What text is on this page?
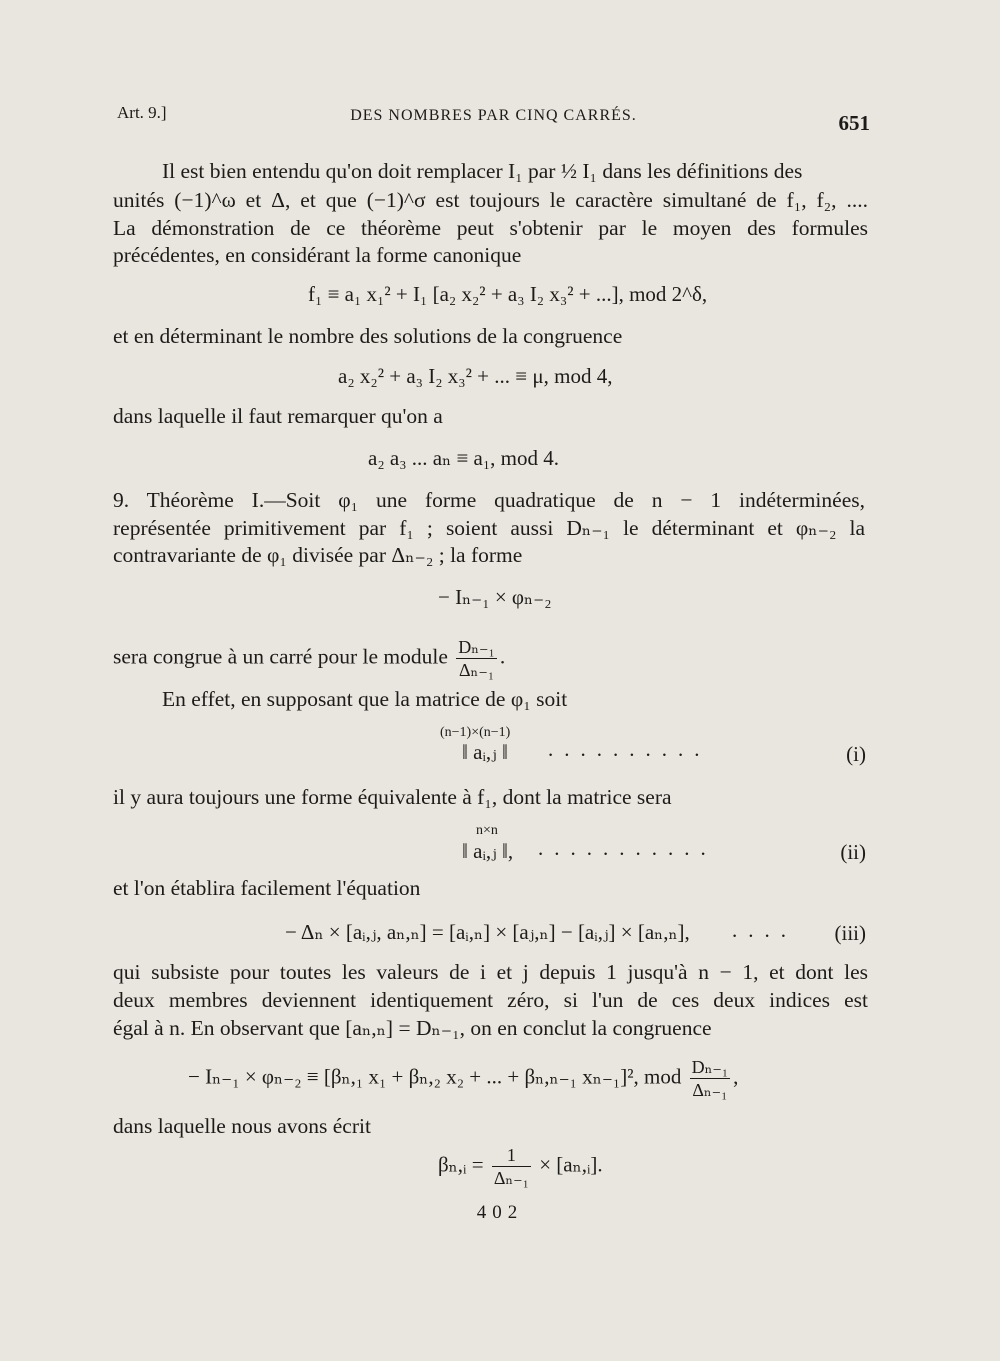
Art. 9.]	DES NOMBRES PAR CINQ CARRÉS.	651
Il est bien entendu qu'on doit remplacer I₁ par ½ I₁ dans les définitions des
unités (−1)^ω et Δ, et que (−1)^σ est toujours le caractère simultané de f₁, f₂, ....
La démonstration de ce théorème peut s'obtenir par le moyen des formules
précédentes, en considérant la forme canonique
f₁ ≡ a₁ x₁² + I₁ [a₂ x₂² + a₃ I₂ x₃² + ...], mod 2^δ,
et en déterminant le nombre des solutions de la congruence
a₂ x₂² + a₃ I₂ x₃² + ... ≡ μ, mod 4,
dans laquelle il faut remarquer qu'on a
a₂ a₃ ... aₙ ≡ a₁, mod 4.
9. Théorème I.—Soit φ₁ une forme quadratique de n − 1 indéterminées,
représentée primitivement par f₁ ; soient aussi Dₙ₋₁ le déterminant et φₙ₋₂ la
contravariante de φ₁ divisée par Δₙ₋₂ ; la forme
− Iₙ₋₁ × φₙ₋₂
sera congrue à un carré pour le module $\frac{\text{Dₙ₋₁}}{\text{Δₙ₋₁}}$ .
En effet, en supposant que la matrice de φ₁ soit
(n−1)×(n−1)
‖ aᵢ,ⱼ ‖ ..........	(i)
il y aura toujours une forme équivalente à f₁, dont la matrice sera
n×n
‖ aᵢ,ⱼ ‖, ...........	(ii)
et l'on établira facilement l'équation
− Δₙ × [aᵢ,ⱼ, aₙ,ₙ] = [aᵢ,ₙ] × [aⱼ,ₙ] − [aᵢ,ⱼ] × [aₙ,ₙ], .... (iii)
qui subsiste pour toutes les valeurs de i et j depuis 1 jusqu'à n − 1, et dont les
deux membres deviennent identiquement zéro, si l'un de ces deux indices est
égal à n. En observant que [aₙ,ₙ] = Dₙ₋₁, on en conclut la congruence
− Iₙ₋₁ × φₙ₋₂ ≡ [βₙ,₁ x₁ + βₙ,₂ x₂ + ... + βₙ,ₙ₋₁ xₙ₋₁]², mod $\frac{\text{Dₙ₋₁}}{\text{Δₙ₋₁}}$ ,
dans laquelle nous avons écrit
βₙ,ᵢ = $\frac{1}{\text{Δₙ₋₁}}$ × [aₙ,ᵢ].
402
